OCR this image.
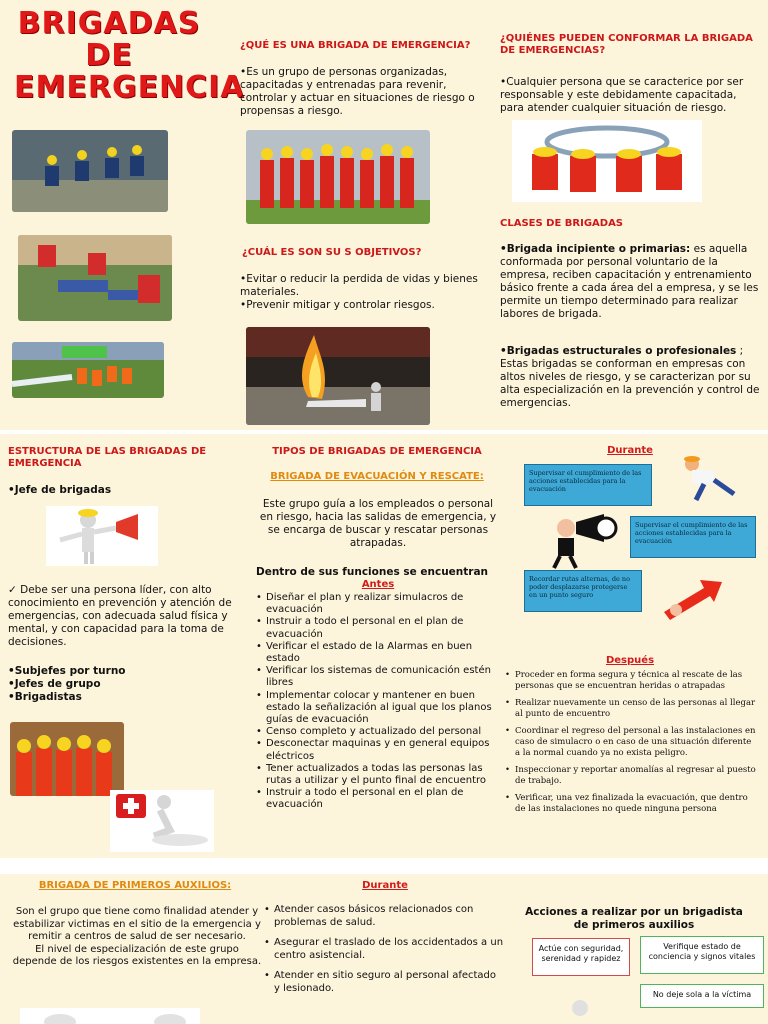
BRIGADAS
DE
EMERGENCIA
¿QUÉ ES UNA BRIGADA DE EMERGENCIA?
•Es un grupo de personas organizadas, capacitadas y entrenadas para revenir, controlar y actuar en situaciones de riesgo o propensas a riesgo.
¿CUÁL ES SON SU S OBJETIVOS?
•Evitar o reducir la perdida de vidas y bienes materiales.
•Prevenir mitigar y controlar riesgos.
¿QUIÉNES PUEDEN CONFORMAR LA BRIGADA DE EMERGENCIAS?
•Cualquier persona que se caracterice por ser responsable y este debidamente capacitada, para atender cualquier situación de riesgo.
CLASES DE BRIGADAS
•Brigada incipiente o primarias: es aquella conformada por personal voluntario de la empresa, reciben capacitación y entrenamiento básico frente a cada área del a empresa, y se les permite un tiempo determinado para realizar labores de brigada.
•Brigadas estructurales o profesionales ; Estas brigadas se conforman en empresas con altos niveles de riesgo, y se caracterizan por su alta especialización en la prevención y control de emergencias.
ESTRUCTURA DE LAS BRIGADAS DE EMERGENCIA
•Jefe de brigadas
✓ Debe ser una persona líder, con alto conocimiento en prevención y atención de emergencias, con adecuada salud física y mental, y con capacidad para la toma de decisiones.
•Subjefes por turno
•Jefes de grupo
•Brigadistas
TIPOS DE BRIGADAS DE EMERGENCIA
BRIGADA DE EVACUACIÓN Y RESCATE:
Este grupo guía a los empleados o personal en riesgo, hacia las salidas de emergencia, y se encarga de buscar y rescatar personas atrapadas.
Dentro de sus funciones se encuentran
Antes
• Diseñar el plan y realizar simulacros de evacuación
• Instruir a todo el personal en el plan de evacuación
• Verificar el estado de la Alarmas en buen estado
• Verificar los sistemas de comunicación estén libres
• Implementar colocar y mantener en buen estado la señalización al igual que los planos guías de evacuación
• Censo completo y actualizado del personal
• Desconectar maquinas y en general equipos eléctricos
• Tener actualizados a todas las personas las rutas a utilizar y el punto final de encuentro
• Instruir a todo el personal en el plan de evacuación
Durante
Supervisar el cumplimiento de las acciones establecidas para la evacuación
Supervisar el cumplimiento de las acciones establecidas para la evacuación
Recordar rutas alternas, de no poder desplazarse protegerse en un punto seguro
Después
• Proceder en forma segura y técnica al rescate de las personas que se encuentran heridas o atrapadas
• Realizar nuevamente un censo de las personas al llegar al punto de encuentro
• Coordinar el regreso del personal a las instalaciones en caso de simulacro o en caso de una situación diferente a la normal cuando ya no exista peligro.
• Inspeccionar y reportar anomalías al regresar al puesto de trabajo.
• Verificar, una vez finalizada la evacuación, que dentro de las instalaciones no quede ninguna persona
BRIGADA DE PRIMEROS AUXILIOS:
Son el grupo que tiene como finalidad atender y estabilizar victimas en el sitio de la emergencia y remitir a centros de salud de ser necesario.
El nivel de especialización de este grupo depende de los riesgos existentes en la empresa.
Durante
• Atender casos básicos relacionados con problemas de salud.
• Asegurar el traslado de los accidentados a un centro asistencial.
• Atender en sitio seguro al personal afectado y lesionado.
Acciones a realizar por un brigadista de primeros auxilios
Actúe con seguridad, serenidad y rapidez
Verifique estado de conciencia y signos vitales
No deje sola a la víctima
